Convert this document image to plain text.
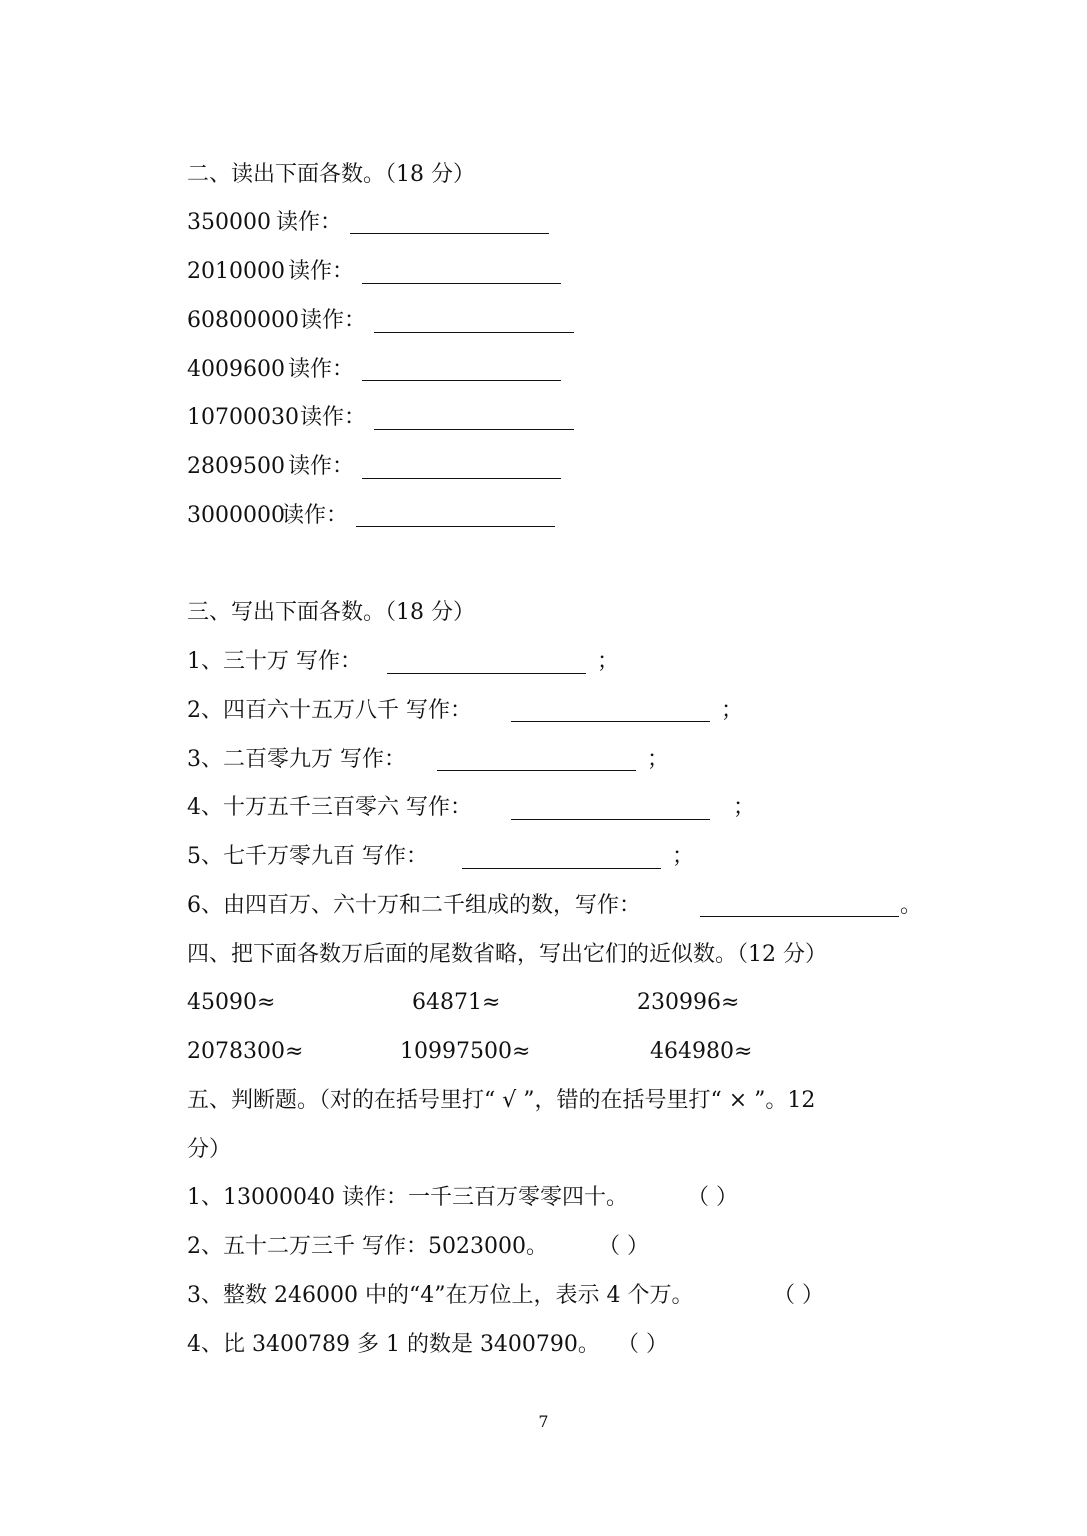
二、读出下面各数。（18 分）
350000 读作：
2010000 读作：
60800000 读作：
4009600 读作：
10700030 读作：
2809500 读作：
3000000
读作：
三、写出下面各数。（18 分）
1、三十万 写作：	；
2、四百六十五万八千 写作：	；
3、二百零九万 写作：	；
4、十万五千三百零六 写作：	；
5、七千万零九百 写作：	；
6、由四百万、六十万和二千组成的数，写作：	。
四、把下面各数万后面的尾数省略，写出它们的近似数。（12 分）
45090≈	64871≈	230996≈
2078300≈	10997500≈	464980≈
五、判断题。（对的在括号里打“ √ ”，错的在括号里打“ × ”。12
分）
1、13000040 读作：一千三百万零零四十。	（ ）
2、五十二万三千 写作：5023000。 （ ）
3、整数 246000 中的“4”在万位上，表示 4 个万。	（ ）
4、比 3400789 多 1 的数是 3400790。 （ ）
7
